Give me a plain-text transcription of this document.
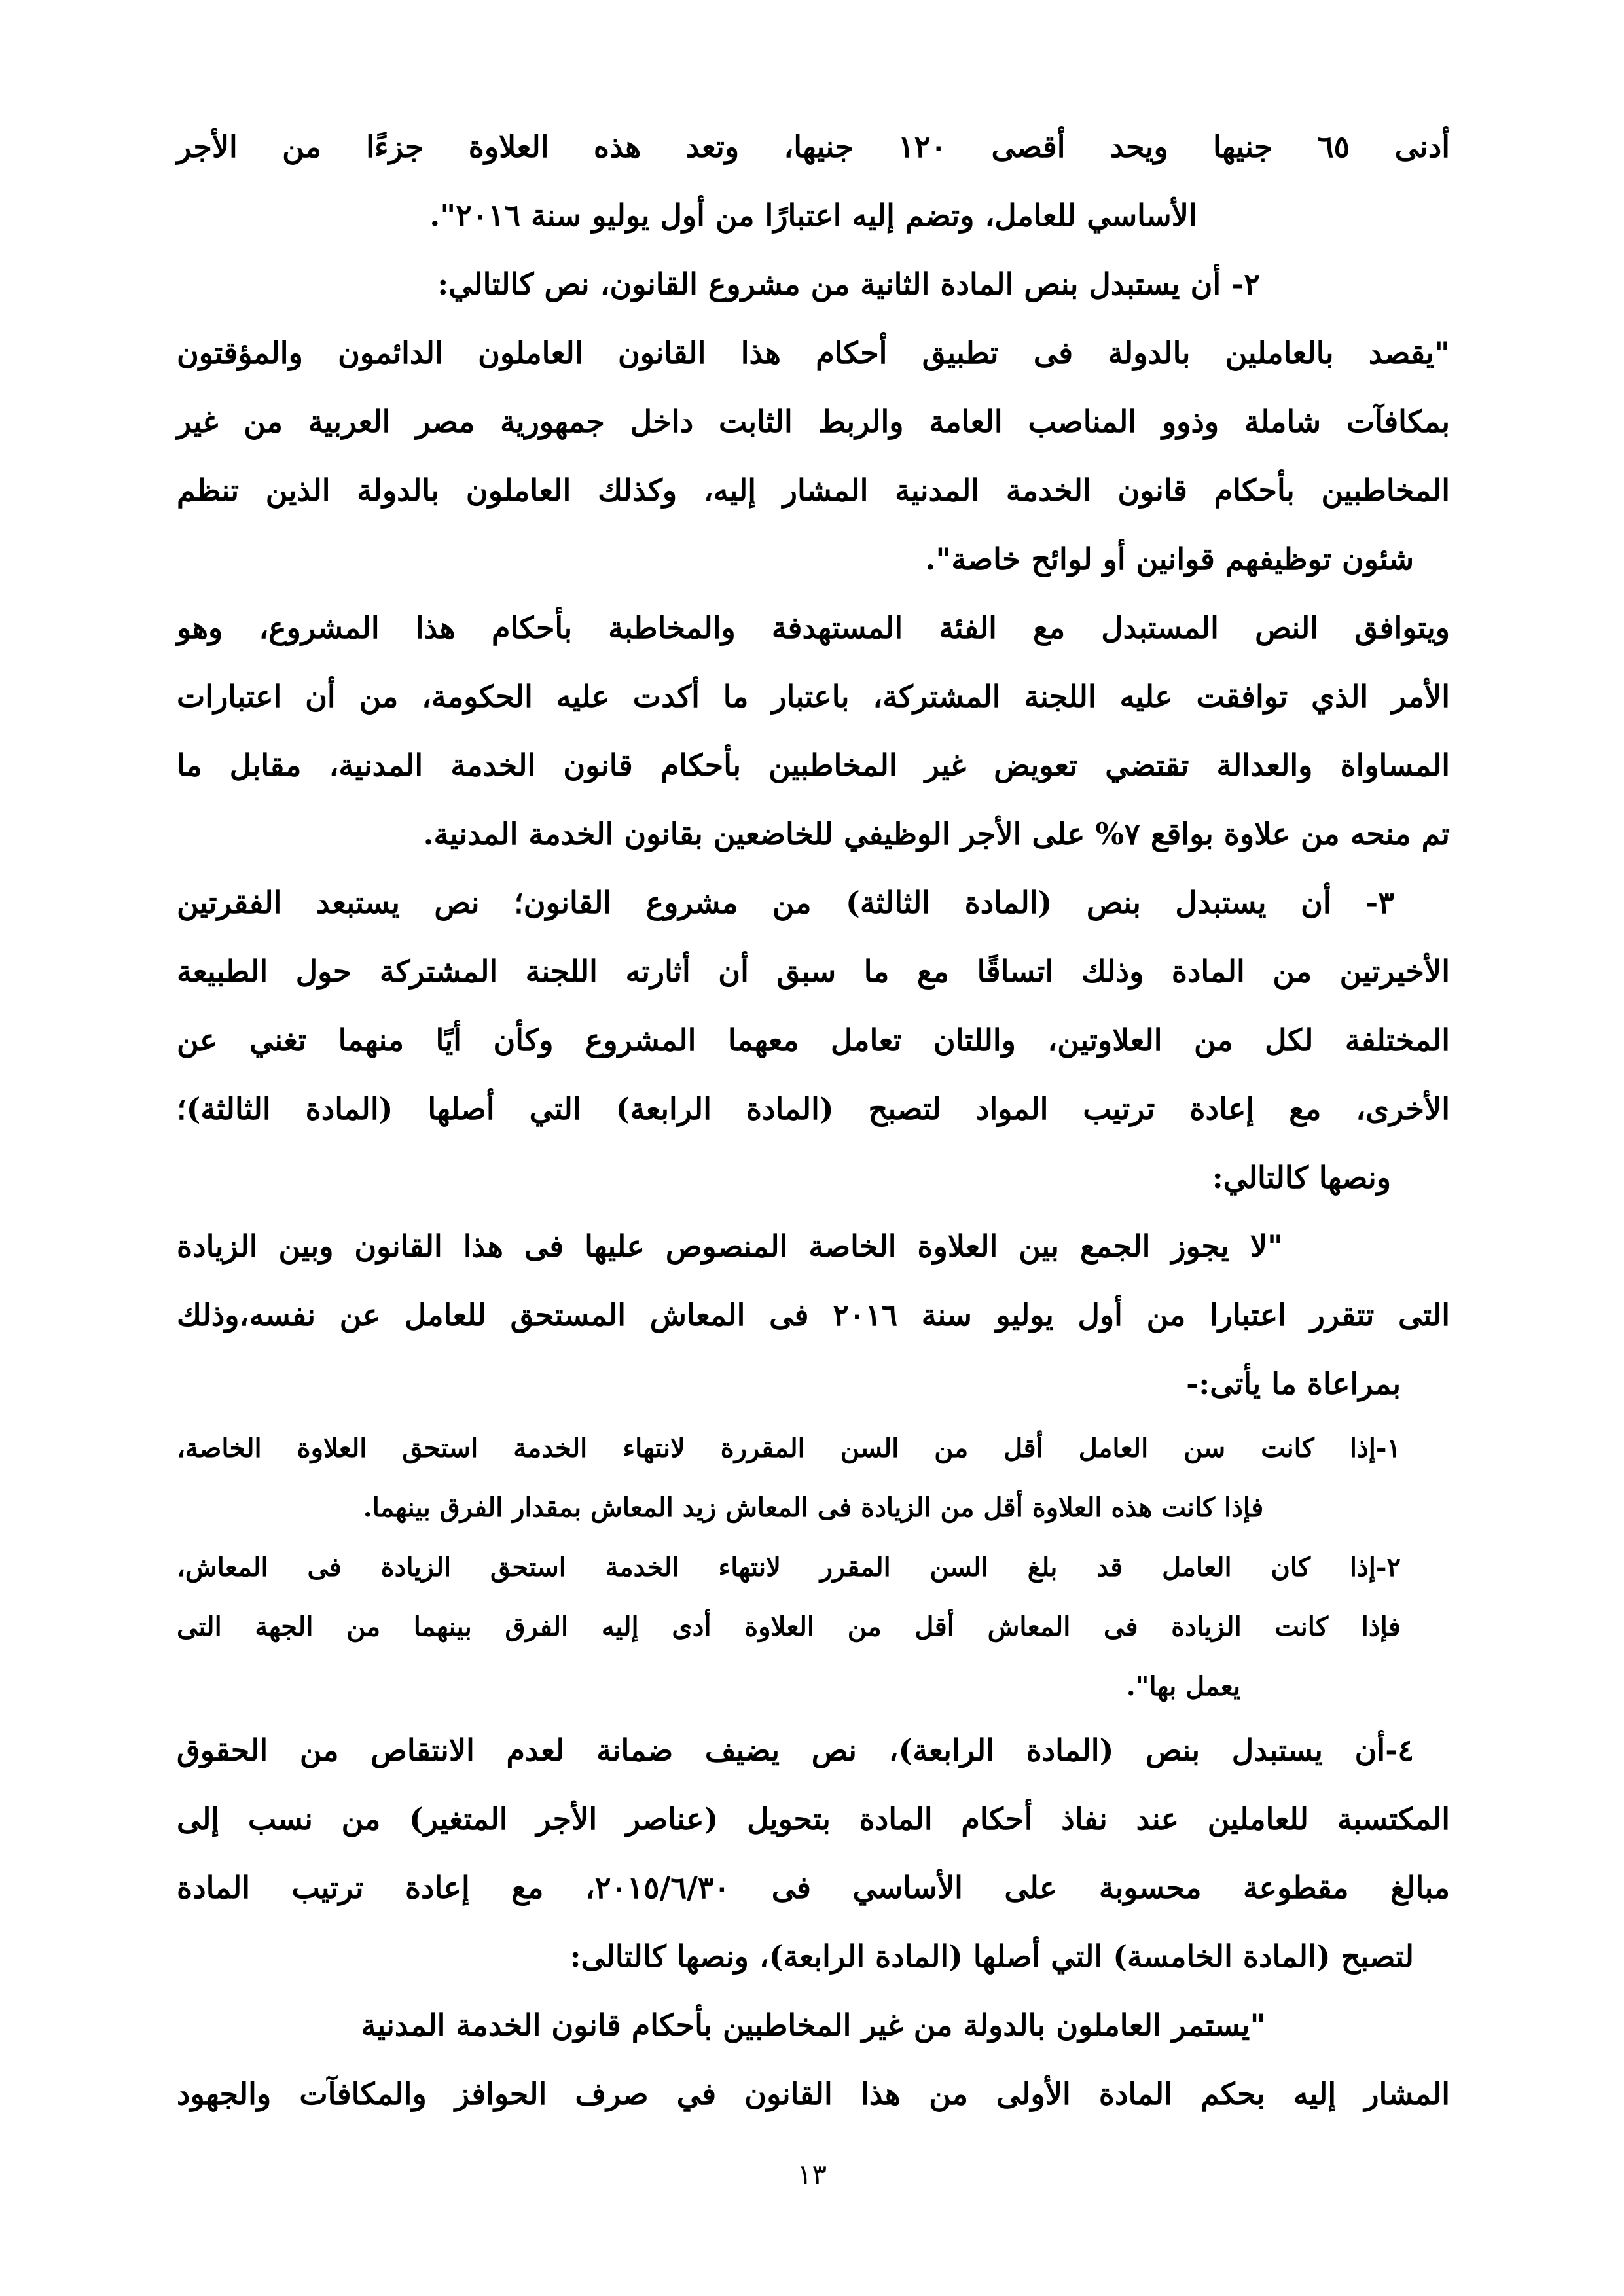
أدنى ٦٥ جنيها ويحد أقصى ١٢٠ جنيها، وتعد هذه العلاوة جزءًا من الأجر
الأساسي للعامل، وتضم إليه اعتبارًا من أول يوليو سنة ٢٠١٦".
٢- أن يستبدل بنص المادة الثانية من مشروع القانون، نص كالتالي:
"يقصد بالعاملين بالدولة فى تطبيق أحكام هذا القانون العاملون الدائمون والمؤقتون
بمكافآت شاملة وذوو المناصب العامة والربط الثابت داخل جمهورية مصر العربية من غير
المخاطبين بأحكام قانون الخدمة المدنية المشار إليه، وكذلك العاملون بالدولة الذين تنظم
شئون توظيفهم قوانين أو لوائح خاصة".
ويتوافق النص المستبدل مع الفئة المستهدفة والمخاطبة بأحكام هذا المشروع، وهو
الأمر الذي توافقت عليه اللجنة المشتركة، باعتبار ما أكدت عليه الحكومة، من أن اعتبارات
المساواة والعدالة تقتضي تعويض غير المخاطبين بأحكام قانون الخدمة المدنية، مقابل ما
تم منحه من علاوة بواقع ٧% على الأجر الوظيفي للخاضعين بقانون الخدمة المدنية.
٣- أن يستبدل بنص (المادة الثالثة) من مشروع القانون؛ نص يستبعد الفقرتين
الأخيرتين من المادة وذلك اتساقًا مع ما سبق أن أثارته اللجنة المشتركة حول الطبيعة
المختلفة لكل من العلاوتين، واللتان تعامل معهما المشروع وكأن أيًا منهما تغني عن
الأخرى، مع إعادة ترتيب المواد لتصبح (المادة الرابعة) التي أصلها (المادة الثالثة)؛
ونصها كالتالي:
"لا يجوز الجمع بين العلاوة الخاصة المنصوص عليها فى هذا القانون وبين الزيادة
التى تتقرر اعتبارا من أول يوليو سنة ٢٠١٦ فى المعاش المستحق للعامل عن نفسه،وذلك
بمراعاة ما يأتى:-
١-إذا كانت سن العامل أقل من السن المقررة لانتهاء الخدمة استحق العلاوة الخاصة،
فإذا كانت هذه العلاوة أقل من الزيادة فى المعاش زيد المعاش بمقدار الفرق بينهما.
٢-إذا كان العامل قد بلغ السن المقرر لانتهاء الخدمة استحق الزيادة فى المعاش،
فإذا كانت الزيادة فى المعاش أقل من العلاوة أدى إليه الفرق بينهما من الجهة التى
يعمل بها".
٤-أن يستبدل بنص (المادة الرابعة)، نص يضيف ضمانة لعدم الانتقاص من الحقوق
المكتسبة للعاملين عند نفاذ أحكام المادة بتحويل (عناصر الأجر المتغير) من نسب إلى
مبالغ مقطوعة محسوبة على الأساسي فى ٢٠١٥/٦/٣٠، مع إعادة ترتيب المادة
لتصبح (المادة الخامسة) التي أصلها (المادة الرابعة)، ونصها كالتالى:
"يستمر العاملون بالدولة من غير المخاطبين بأحكام قانون الخدمة المدنية
المشار إليه بحكم المادة الأولى من هذا القانون في صرف الحوافز والمكافآت والجهود
١٣
